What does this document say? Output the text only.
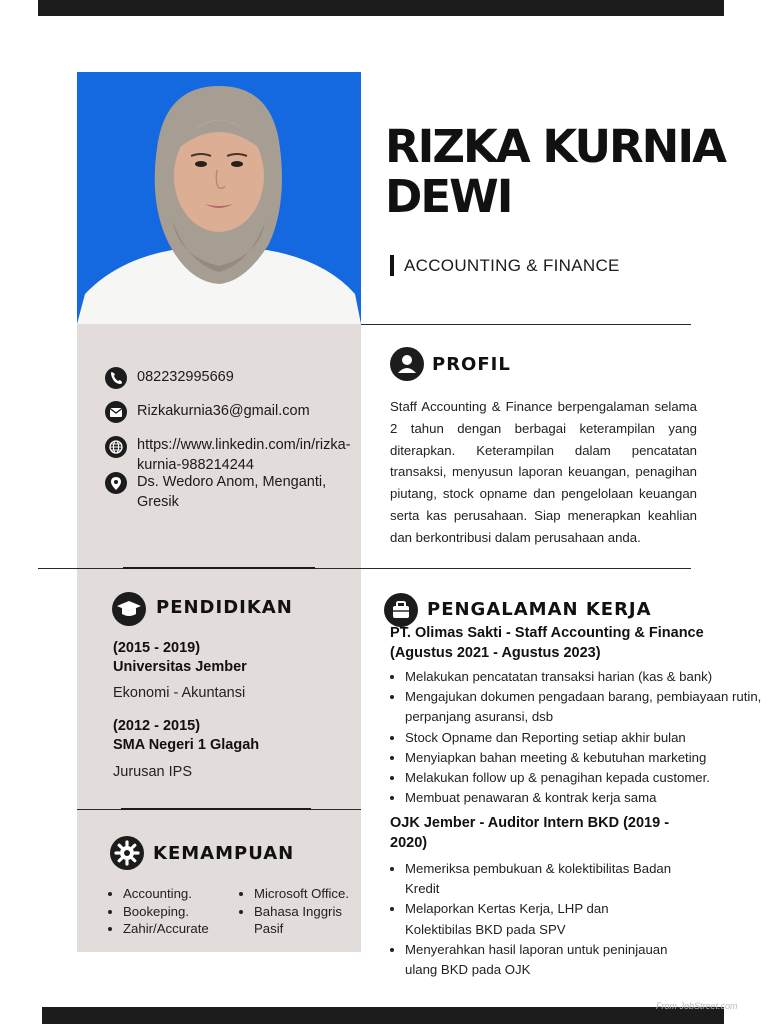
RIZKA KURNIA
DEWI
ACCOUNTING & FINANCE
082232995669
Rizkakurnia36@gmail.com
https://www.linkedin.com/in/rizka-
kurnia-988214244
Ds. Wedoro Anom, Menganti,
Gresik
PROFIL

Staff Accounting & Finance berpengalaman selama 2 tahun dengan berbagai keterampilan yang diterapkan. Keterampilan dalam pencatatan transaksi, menyusun laporan keuangan, penagihan piutang, stock opname dan pengelolaan keuangan serta kas perusahaan. Siap menerapkan keahlian dan berkontribusi dalam perusahaan anda.

PENDIDIKAN
(2015 - 2019)
Universitas Jember
Ekonomi - Akuntansi
(2012 - 2015)
SMA Negeri 1 Glagah
Jurusan IPS
KEMAMPUAN
• Accounting.
• Bookeping.
• Zahir/Accurate
• Microsoft Office.
• Bahasa Inggris Pasif
PENGALAMAN KERJA

PT. Olimas Sakti - Staff Accounting & Finance (Agustus 2021 - Agustus 2023)

• Melakukan pencatatan transaksi harian (kas & bank)
• Mengajukan dokumen pengadaan barang, pembiayaan rutin, perpanjang asuransi, dsb
• Stock Opname dan Reporting setiap akhir bulan
• Menyiapkan bahan meeting & kebutuhan marketing
• Melakukan follow up & penagihan kepada customer.
• Membuat penawaran & kontrak kerja sama

OJK Jember - Auditor Intern BKD (2019 - 2020)

• Memeriksa pembukuan & kolektibilitas Badan Kredit
• Melaporkan Kertas Kerja, LHP dan Kolektibilas BKD pada SPV
• Menyerahkan hasil laporan untuk peninjauan ulang BKD pada OJK
From JobStreet.com
